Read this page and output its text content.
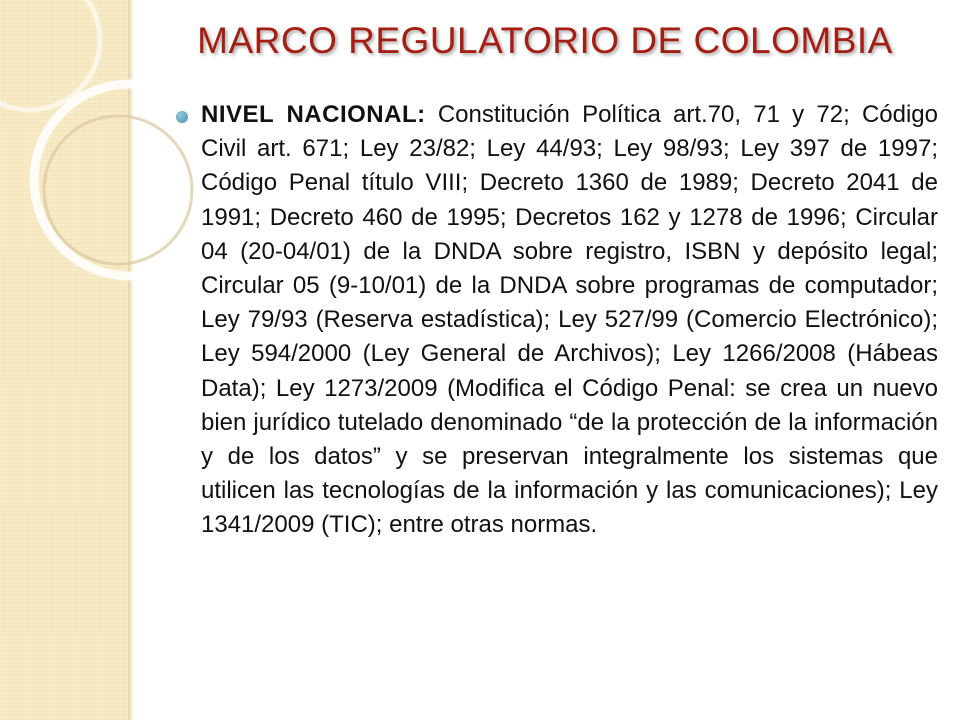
MARCO REGULATORIO DE COLOMBIA

NIVEL NACIONAL: Constitución Política art.70, 71 y 72; Código Civil art. 671; Ley 23/82; Ley 44/93; Ley 98/93; Ley 397 de 1997; Código Penal título VIII; Decreto 1360 de 1989; Decreto 2041 de 1991; Decreto 460 de 1995; Decretos 162 y 1278 de 1996; Circular 04 (20-04/01) de la DNDA sobre registro, ISBN y depósito legal; Circular 05 (9-10/01) de la DNDA sobre programas de computador; Ley 79/93 (Reserva estadística); Ley 527/99 (Comercio Electrónico); Ley 594/2000 (Ley General de Archivos); Ley 1266/2008 (Hábeas Data); Ley 1273/2009 (Modifica el Código Penal: se crea un nuevo bien jurídico tutelado denominado “de la protección de la información y de los datos” y se preservan integralmente los sistemas que utilicen las tecnologías de la información y las comunicaciones); Ley 1341/2009 (TIC); entre otras normas.
